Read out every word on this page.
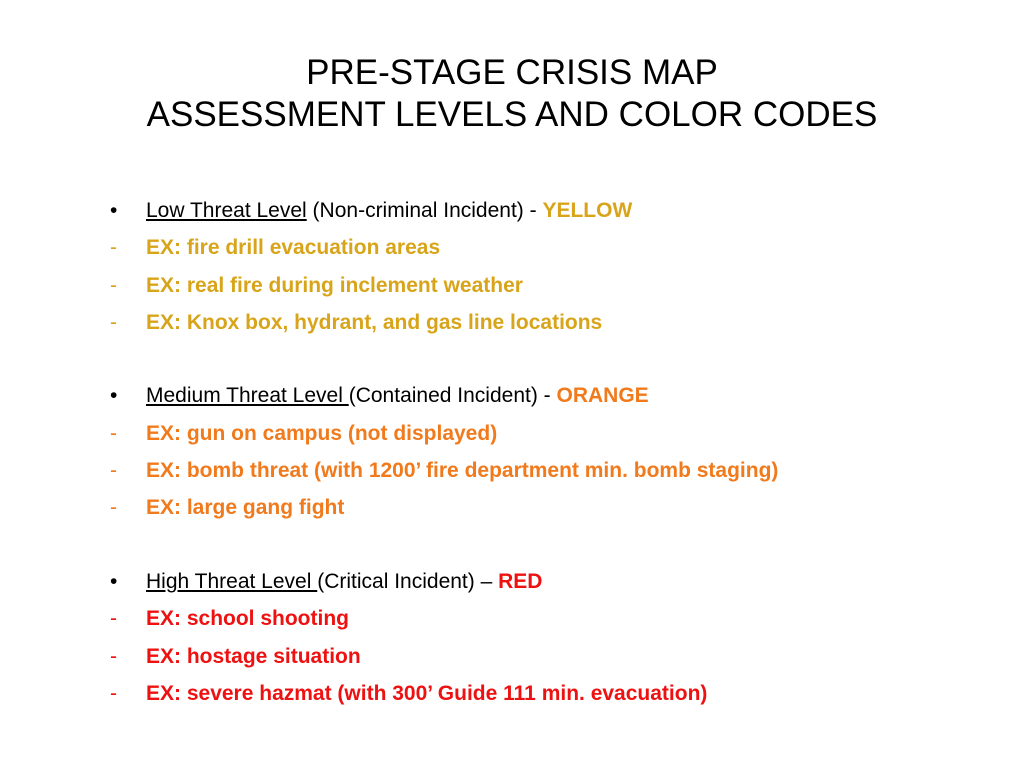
PRE-STAGE CRISIS MAP
ASSESSMENT LEVELS AND COLOR CODES
•	Low Threat Level (Non-criminal Incident) - YELLOW
-	EX: fire drill evacuation areas
-	EX: real fire during inclement weather
-	EX: Knox box, hydrant, and gas line locations
•	Medium Threat Level (Contained Incident) - ORANGE
-	EX: gun on campus (not displayed)
-	EX: bomb threat (with 1200’ fire department min. bomb staging)
-	EX: large gang fight
•	High Threat Level (Critical Incident) – RED
-	EX: school shooting
-	EX: hostage situation
-	EX: severe hazmat (with 300’ Guide 111 min. evacuation)
